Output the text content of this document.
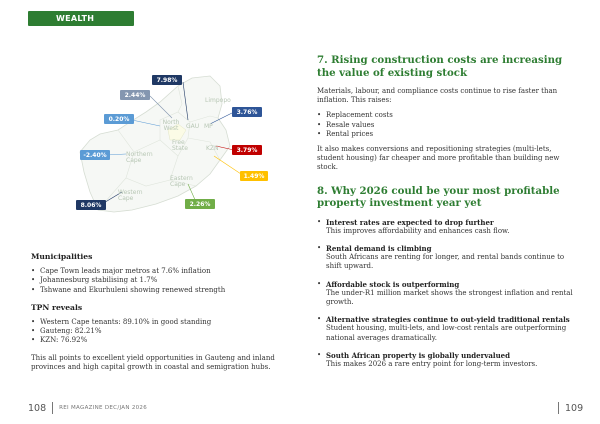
WEALTH
Limpopo
North West	GAU MP
Free State	KZN
Northern Cape
Eastern Cape
Western Cape
7.98%
2.44%
0.20%
-2.40%
8.06%
3.76%
3.79%
1.49%
2.26%
Municipalities
• Cape Town leads major metros at 7.6% inflation
• Johannesburg stabilising at 1.7%
• Tshwane and Ekurhuleni showing renewed strength
TPN reveals
• Western Cape tenants: 89.10% in good standing
• Gauteng: 82.21%
• KZN: 76.92%

This all points to excellent yield opportunities in Gauteng and inland provinces and high capital growth in coastal and semigration hubs.

7. Rising construction costs are increasing the value of existing stock

Materials, labour, and compliance costs continue to rise faster than inflation. This raises:

• Replacement costs
• Resale values
• Rental prices

It also makes conversions and repositioning strategies (multi-lets, student housing) far cheaper and more profitable than building new stock.

8. Why 2026 could be your most profitable property investment year yet
• Interest rates are expected to drop further
This improves affordability and enhances cash flow.
• Rental demand is climbing
South Africans are renting for longer, and rental bands continue to shift upward.
• Affordable stock is outperforming
The under-R1 million market shows the strongest inflation and rental growth.
• Alternative strategies continue to out-yield traditional rentals
Student housing, multi-lets, and low-cost rentals are outperforming national averages dramatically.
• South African property is globally undervalued
This makes 2026 a rare entry point for long-term investors.
108 REI MAGAZINE DEC/JAN 2026	109
